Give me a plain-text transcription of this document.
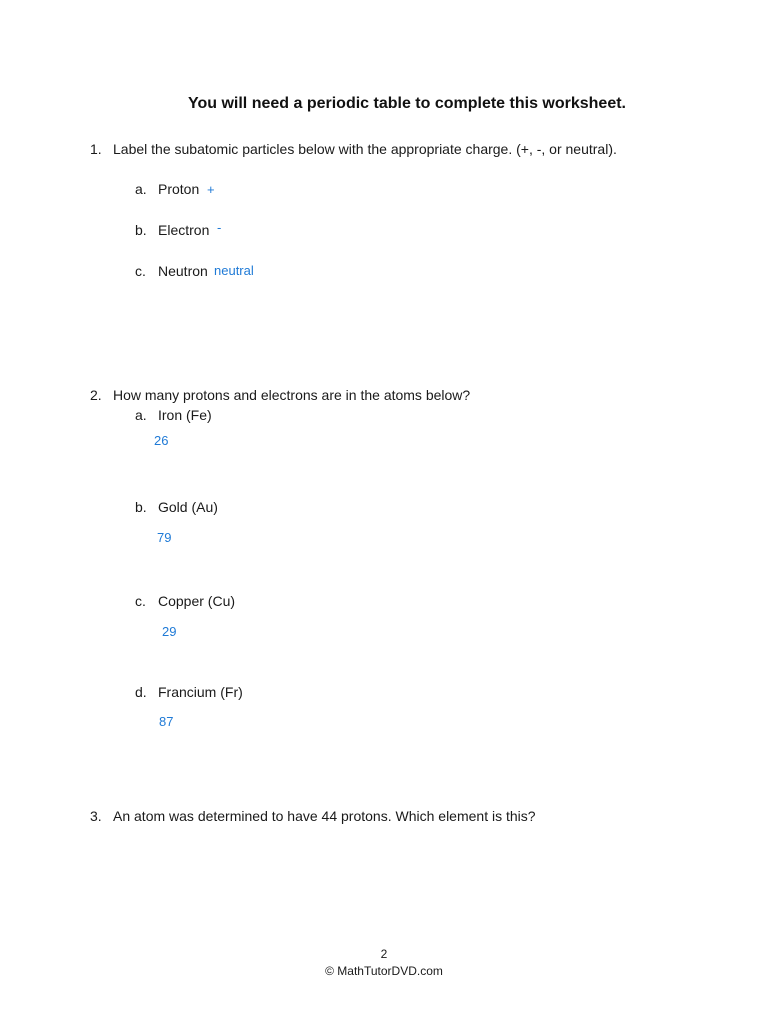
You will need a periodic table to complete this worksheet.
1. Label the subatomic particles below with the appropriate charge. (+, -, or neutral).
a. Proton +
b. Electron -
c. Neutron neutral
2. How many protons and electrons are in the atoms below?
a. Iron (Fe)
26
b. Gold (Au)
79
c. Copper (Cu)
29
d. Francium (Fr)
87
3. An atom was determined to have 44 protons. Which element is this?
2
© MathTutorDVD.com
